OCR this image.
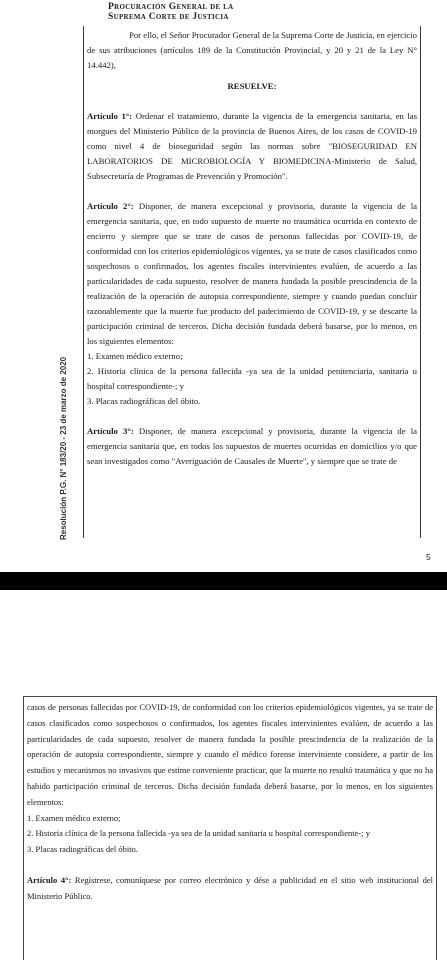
Procuración General de la
Suprema Corte de Justicia

Por ello, el Señor Procurador General de la Suprema Corte de Justicia, en ejercicio de sus atribuciones (artículos 189 de la Constitución Provincial, y 20 y 21 de la Ley N° 14.442),

RESUELVE:

Artículo 1°: Ordenar el tratamiento, durante la vigencia de la emergencia sanitaria, en las morgues del Ministerio Público de la provincia de Buenos Aires, de los casos de COVID-19 como nivel 4 de bioseguridad según las normas sobre "BIOSEGURIDAD EN LABORATORIOS DE MICROBIOLOGÍA Y BIOMEDICINA-Ministerio de Salud, Subsecretaría de Programas de Prevención y Promoción".

Artículo 2°: Disponer, de manera excepcional y provisoria, durante la vigencia de la emergencia sanitaria, que, en todo supuesto de muerte no traumática ocurrida en contexto de encierro y siempre que se trate de casos de personas fallecidas por COVID-19, de conformidad con los criterios epidemiológicos vigentes, ya se trate de casos clasificados como sospechosos o confirmados, los agentes fiscales intervinientes evalúen, de acuerdo a las particularidades de cada supuesto, resolver de manera fundada la posible prescindencia de la realización de la operación de autopsia correspondiente, siempre y cuando puedan concluir razonablemente que la muerte fue producto del padecimiento de COVID-19, y se descarte la participación criminal de terceros. Dicha decisión fundada deberá basarse, por lo menos, en los siguientes elementos:

1. Examen médico externo;

2. Historia clínica de la persona fallecida -ya sea de la unidad penitenciaria, sanitaria u hospital correspondiente-; y

3. Placas radiográficas del óbito.

Artículo 3°: Disponer, de manera excepcional y provisoria, durante la vigencia de la emergencia sanitaria que, en todos los supuestos de muertes ocurridas en domicilios y/o que sean investigados como "Averiguación de Causales de Muerte", y siempre que se trate de

Resolución P.G. N° 183/20 - 23 de marzo de 2020
5

casos de personas fallecidas por COVID-19, de conformidad con los criterios epidemiológicos vigentes, ya se trate de casos clasificados como sospechosos o confirmados, los agentes fiscales intervinientes evalúen, de acuerdo a las particularidades de cada supuesto, resolver de manera fundada la posible prescindencia de la realización de la operación de autopsia correspondiente, siempre y cuando el médico forense interviniente considere, a partir de los estudios y mecanismos no invasivos que estime conveniente practicar, que la muerte no resultó traumática y que no ha habido participación criminal de terceros. Dicha decisión fundada deberá basarse, por lo menos, en los siguientes elementos:

1. Examen médico externo;

2. Historia clínica de la persona fallecida -ya sea de la unidad sanitaria u hospital correspondiente-; y

3. Placas radiográficas del óbito.

Artículo 4°: Regístrese, comuníquese por correo electrónico y dése a publicidad en el sitio web institucional del Ministerio Público.
